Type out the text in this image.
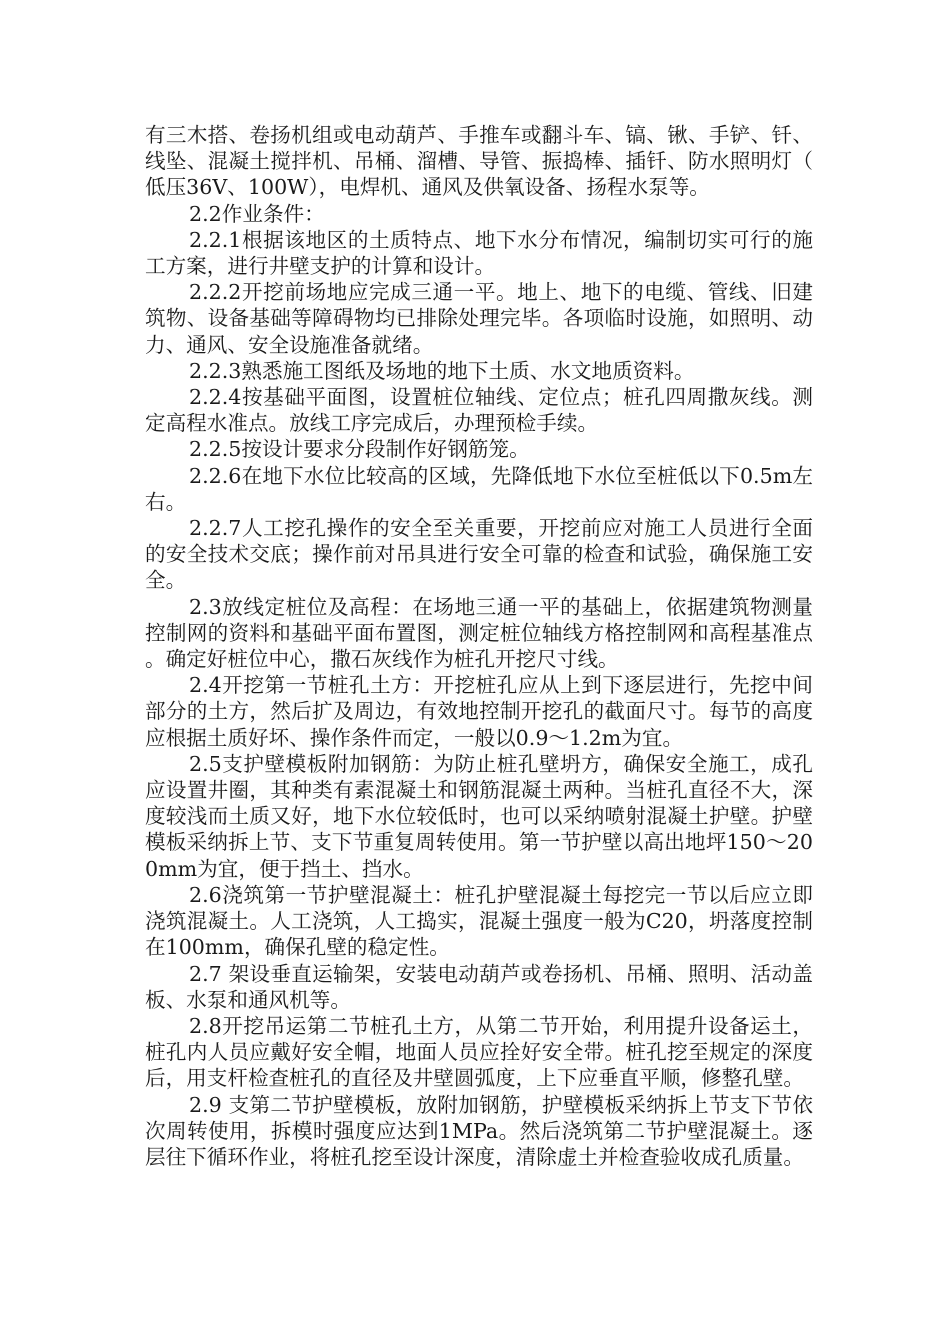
有三木搭、卷扬机组或电动葫芦、手推车或翻斗车、镐、锹、手铲、钎、线坠、混凝土搅拌机、吊桶、溜槽、导管、振捣棒、插钎、防水照明灯（低压36V、100W），电焊机、通风及供氧设备、扬程水泵等。

2.2作业条件：

2.2.1根据该地区的土质特点、地下水分布情况，编制切实可行的施工方案，进行井壁支护的计算和设计。

2.2.2开挖前场地应完成三通一平。地上、地下的电缆、管线、旧建筑物、设备基础等障碍物均已排除处理完毕。各项临时设施，如照明、动力、通风、安全设施准备就绪。

2.2.3熟悉施工图纸及场地的地下土质、水文地质资料。

2.2.4按基础平面图，设置桩位轴线、定位点；桩孔四周撒灰线。测定高程水准点。放线工序完成后，办理预检手续。

2.2.5按设计要求分段制作好钢筋笼。

2.2.6在地下水位比较高的区域，先降低地下水位至桩低以下0.5m左右。

2.2.7人工挖孔操作的安全至关重要，开挖前应对施工人员进行全面的安全技术交底；操作前对吊具进行安全可靠的检查和试验，确保施工安全。

2.3放线定桩位及高程：在场地三通一平的基础上，依据建筑物测量控制网的资料和基础平面布置图，测定桩位轴线方格控制网和高程基准点。确定好桩位中心，撒石灰线作为桩孔开挖尺寸线。

2.4开挖第一节桩孔土方：开挖桩孔应从上到下逐层进行，先挖中间部分的土方，然后扩及周边，有效地控制开挖孔的截面尺寸。每节的高度应根据土质好坏、操作条件而定，一般以0.9～1.2m为宜。

2.5支护壁模板附加钢筋：为防止桩孔壁坍方，确保安全施工，成孔应设置井圈，其种类有素混凝土和钢筋混凝土两种。当桩孔直径不大，深度较浅而土质又好，地下水位较低时，也可以采纳喷射混凝土护壁。护壁模板采纳拆上节、支下节重复周转使用。第一节护壁以高出地坪150～200mm为宜，便于挡土、挡水。

2.6浇筑第一节护壁混凝土：桩孔护壁混凝土每挖完一节以后应立即浇筑混凝土。人工浇筑，人工捣实，混凝土强度一般为C20，坍落度控制在100mm，确保孔壁的稳定性。

2.7 架设垂直运输架，安装电动葫芦或卷扬机、吊桶、照明、活动盖板、水泵和通风机等。

2.8开挖吊运第二节桩孔土方，从第二节开始，利用提升设备运土，桩孔内人员应戴好安全帽，地面人员应拴好安全带。桩孔挖至规定的深度后，用支杆检查桩孔的直径及井壁圆弧度，上下应垂直平顺，修整孔壁。

2.9 支第二节护壁模板，放附加钢筋，护壁模板采纳拆上节支下节依次周转使用，拆模时强度应达到1MPa。然后浇筑第二节护壁混凝土。逐层往下循环作业，将桩孔挖至设计深度，清除虚土并检查验收成孔质量。
